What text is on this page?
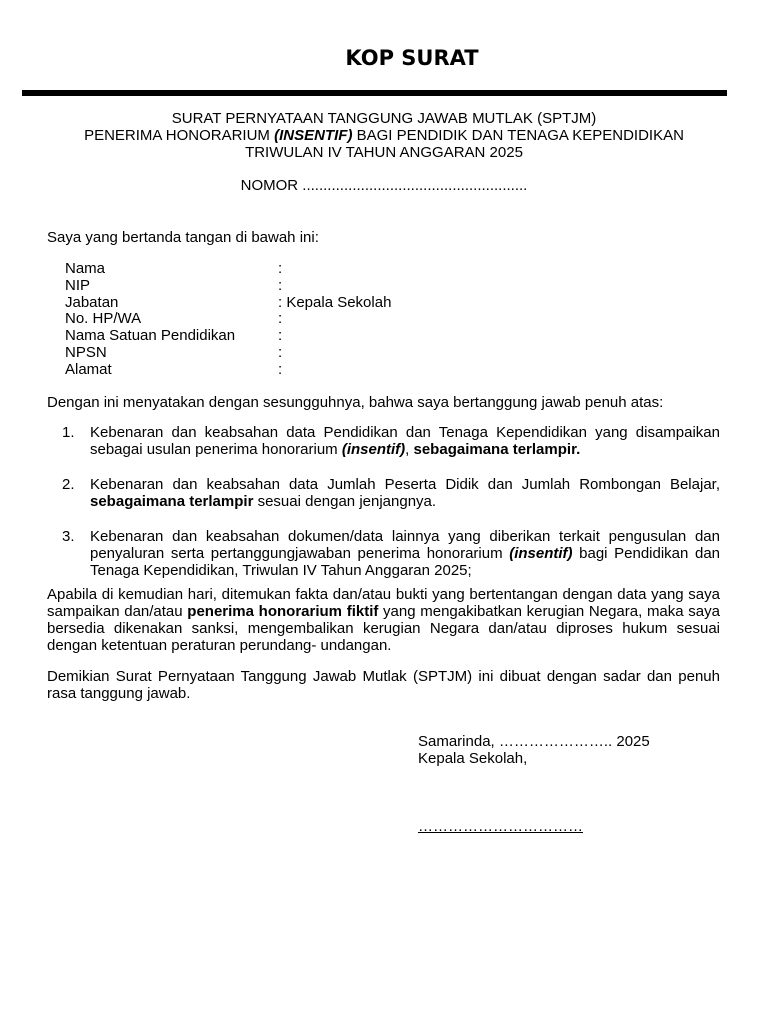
KOP SURAT
SURAT PERNYATAAN TANGGUNG JAWAB MUTLAK (SPTJM)
PENERIMA HONORARIUM (INSENTIF) BAGI PENDIDIK DAN TENAGA KEPENDIDIKAN
TRIWULAN IV TAHUN ANGGARAN 2025
NOMOR ......................................................
Saya yang bertanda tangan di bawah ini:
Nama	:
NIP	:
Jabatan	: Kepala Sekolah
No. HP/WA	:
Nama Satuan Pendidikan	:
NPSN	:
Alamat	:
Dengan ini menyatakan dengan sesungguhnya, bahwa saya bertanggung jawab penuh atas:
1.	Kebenaran dan keabsahan data Pendidikan dan Tenaga Kependidikan yang disampaikan sebagai usulan penerima honorarium (insentif), sebagaimana terlampir.
2.	Kebenaran dan keabsahan data Jumlah Peserta Didik dan Jumlah Rombongan Belajar, sebagaimana terlampir sesuai dengan jenjangnya.
3.	Kebenaran dan keabsahan dokumen/data lainnya yang diberikan terkait pengusulan dan penyaluran serta pertanggungjawaban penerima honorarium (insentif) bagi Pendidikan dan Tenaga Kependidikan, Triwulan IV Tahun Anggaran 2025;
Apabila di kemudian hari, ditemukan fakta dan/atau bukti yang bertentangan dengan data yang saya sampaikan dan/atau penerima honorarium fiktif yang mengakibatkan kerugian Negara, maka saya bersedia dikenakan sanksi, mengembalikan kerugian Negara dan/atau diproses hukum sesuai dengan ketentuan peraturan perundang- undangan.
Demikian Surat Pernyataan Tanggung Jawab Mutlak (SPTJM) ini dibuat dengan sadar dan penuh rasa tanggung jawab.
Samarinda, ………………….. 2025
Kepala Sekolah,
……………………………
